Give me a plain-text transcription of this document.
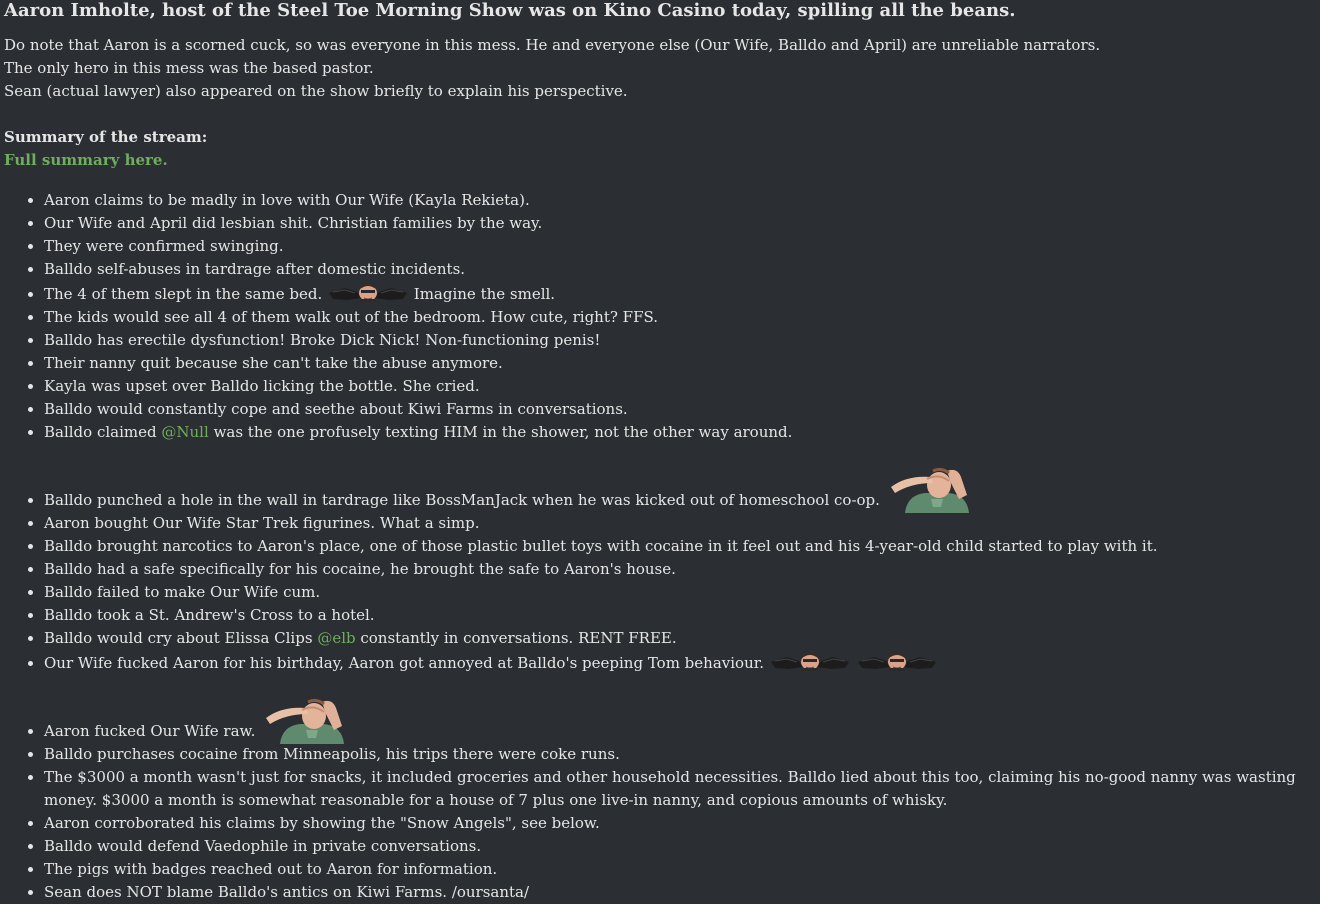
Aaron Imholte, host of the Steel Toe Morning Show was on Kino Casino today, spilling all the beans.

Do note that Aaron is a scorned cuck, so was everyone in this mess. He and everyone else (Our Wife, Balldo and April) are unreliable narrators.

The only hero in this mess was the based pastor.

Sean (actual lawyer) also appeared on the show briefly to explain his perspective.

Summary of the stream:

Full summary here.
• Aaron claims to be madly in love with Our Wife (Kayla Rekieta).
• Our Wife and April did lesbian shit. Christian families by the way.
• They were confirmed swinging.
• Balldo self-abuses in tardrage after domestic incidents.
• The 4 of them slept in the same bed.	Imagine the smell.
• The kids would see all 4 of them walk out of the bedroom. How cute, right? FFS.
• Balldo has erectile dysfunction! Broke Dick Nick! Non-functioning penis!
• Their nanny quit because she can't take the abuse anymore.
• Kayla was upset over Balldo licking the bottle. She cried.
• Balldo would constantly cope and seethe about Kiwi Farms in conversations.
• Balldo claimed @Null was the one profusely texting HIM in the shower, not the other way around.
• Balldo punched a hole in the wall in tardrage like BossManJack when he was kicked out of homeschool co-op.
• Aaron bought Our Wife Star Trek figurines. What a simp.
• Balldo brought narcotics to Aaron's place, one of those plastic bullet toys with cocaine in it feel out and his 4-year-old child started to play with it.
• Balldo had a safe specifically for his cocaine, he brought the safe to Aaron's house.
• Balldo failed to make Our Wife cum.
• Balldo took a St. Andrew's Cross to a hotel.
• Balldo would cry about Elissa Clips @elb constantly in conversations. RENT FREE.
• Our Wife fucked Aaron for his birthday, Aaron got annoyed at Balldo's peeping Tom behaviour.
• Aaron fucked Our Wife raw.
• Balldo purchases cocaine from Minneapolis, his trips there were coke runs.
• The $3000 a month wasn't just for snacks, it included groceries and other household necessities. Balldo lied about this too, claiming his no-good nanny was wasting money. $3000 a month is somewhat reasonable for a house of 7 plus one live-in nanny, and copious amounts of whisky.
• Aaron corroborated his claims by showing the "Snow Angels", see below.
• Balldo would defend Vaedophile in private conversations.
• The pigs with badges reached out to Aaron for information.
• Sean does NOT blame Balldo's antics on Kiwi Farms. /oursanta/
